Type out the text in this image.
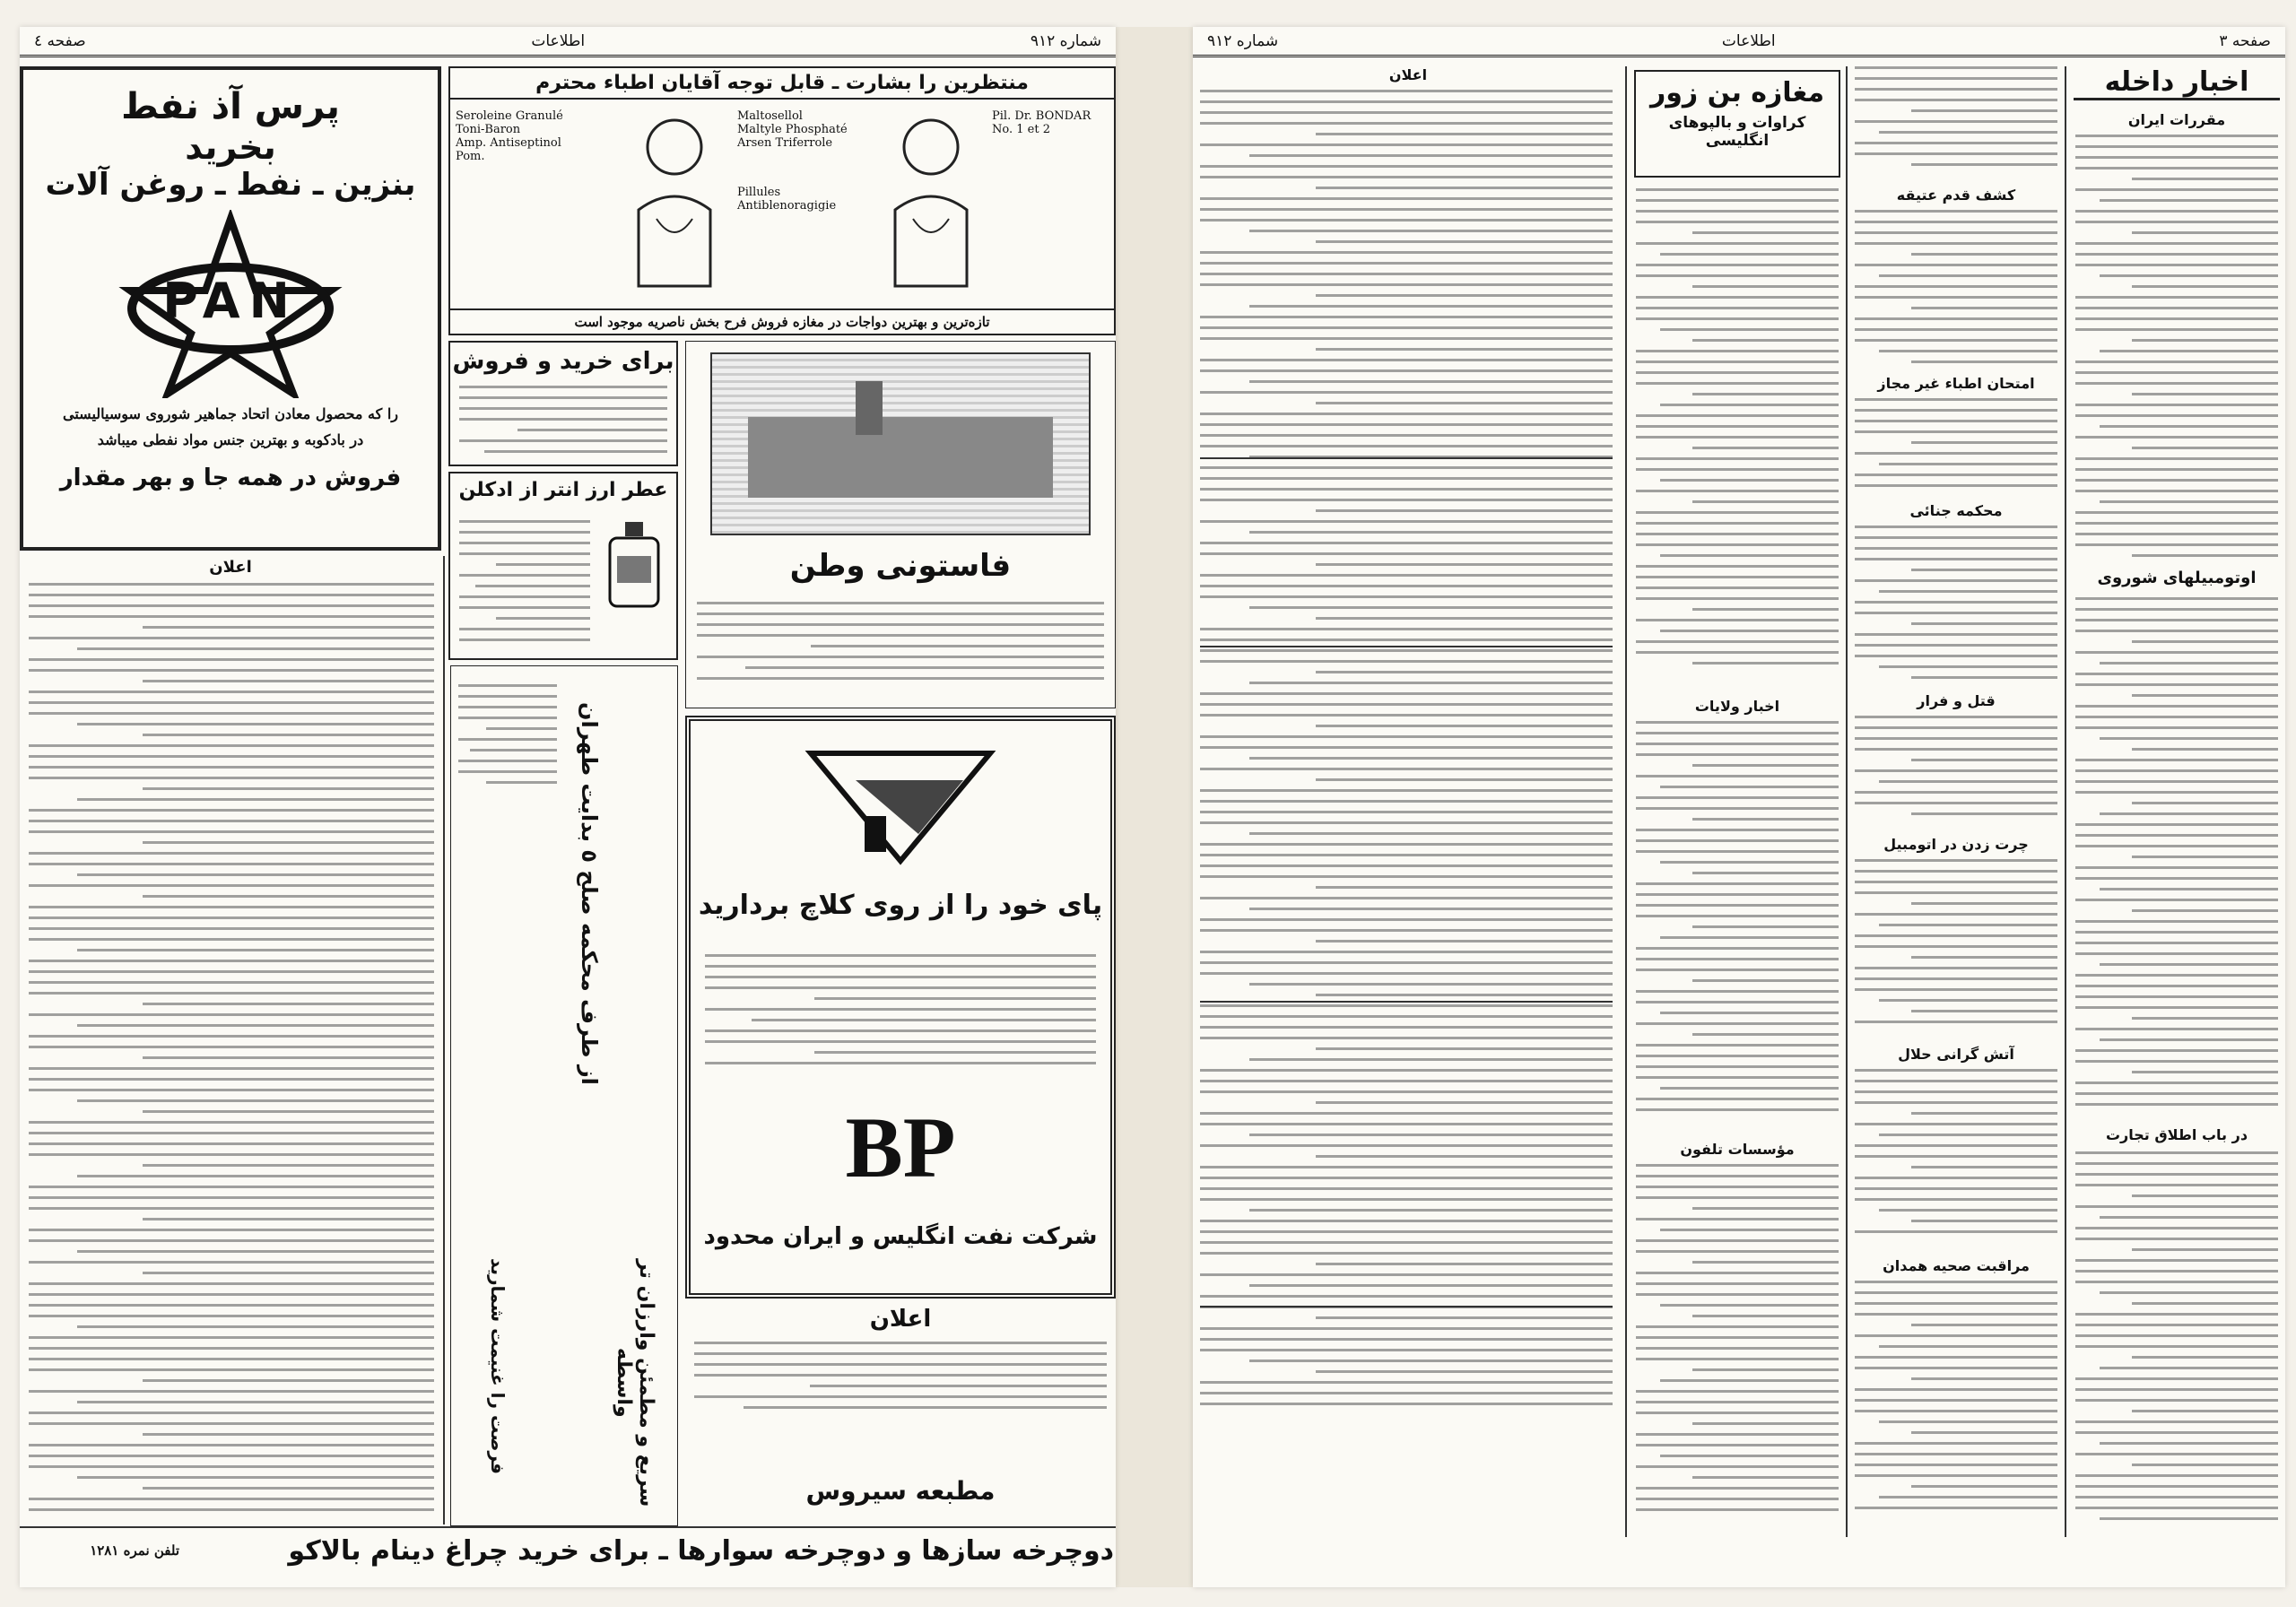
شماره ۹۱۲
اطلاعات
صفحه ٤
پرس آذ نفط
بخرید
بنزین ـ نفط ـ روغن آلات
PAN
را که محصول معادن اتحاد جماهیر شوروی سوسیالیستی
در بادکوبه و بهترین جنس مواد نفطی میباشد
فروش در همه جا و بهر مقدار
منتظرین را بشارت ـ قابل توجه آقایان اطباء محترم
Seroleine Granulé
Toni-Baron
Amp. Antiseptinol
Pom.
Maltosellol
Maltyle Phosphaté
Arsen Triferrole
Pillules Antiblenoragigie
Pil. Dr. BONDAR
No. 1 et 2
تازه‌ترین و بهترین دواجات در مغازه فروش فرح بخش ناصریه موجود است
برای خرید و فروش
عطر ارز انتر از ادکلن
فاستونی وطن
اعلان
از طرف محکمه صلح ٥ بدایت طهران
سریع و مطمئن وارزان تر واسطه
فرصت را غنیمت شمارید
پای خود را از روی کلاچ بردارید
BP
شرکت نفت انگلیس و ایران محدود
اعلان
مطبعه سیروس
دوچرخه سازها و دوچرخه سوارها ـ برای خرید چراغ دینام بالاکو
تلفن نمره ۱۲۸۱
صفحه ٣
اطلاعات
شماره ۹۱۲
اخبار داخله
مقررات ایران
اوتومبیلهای شوروی
در باب اطلاق تجارت
کشف قدم عتیقه
امتحان اطباء غیر مجاز
محکمه جنائی
قتل و فرار
چرت زدن در اتومبیل
آتش گرانی حلال
مراقبت صحیه همدان
مغازه بن زور
کراوات و بالپوهای انگلیسی
اخبار ولایات
مؤسسات تلفون
اعلان
